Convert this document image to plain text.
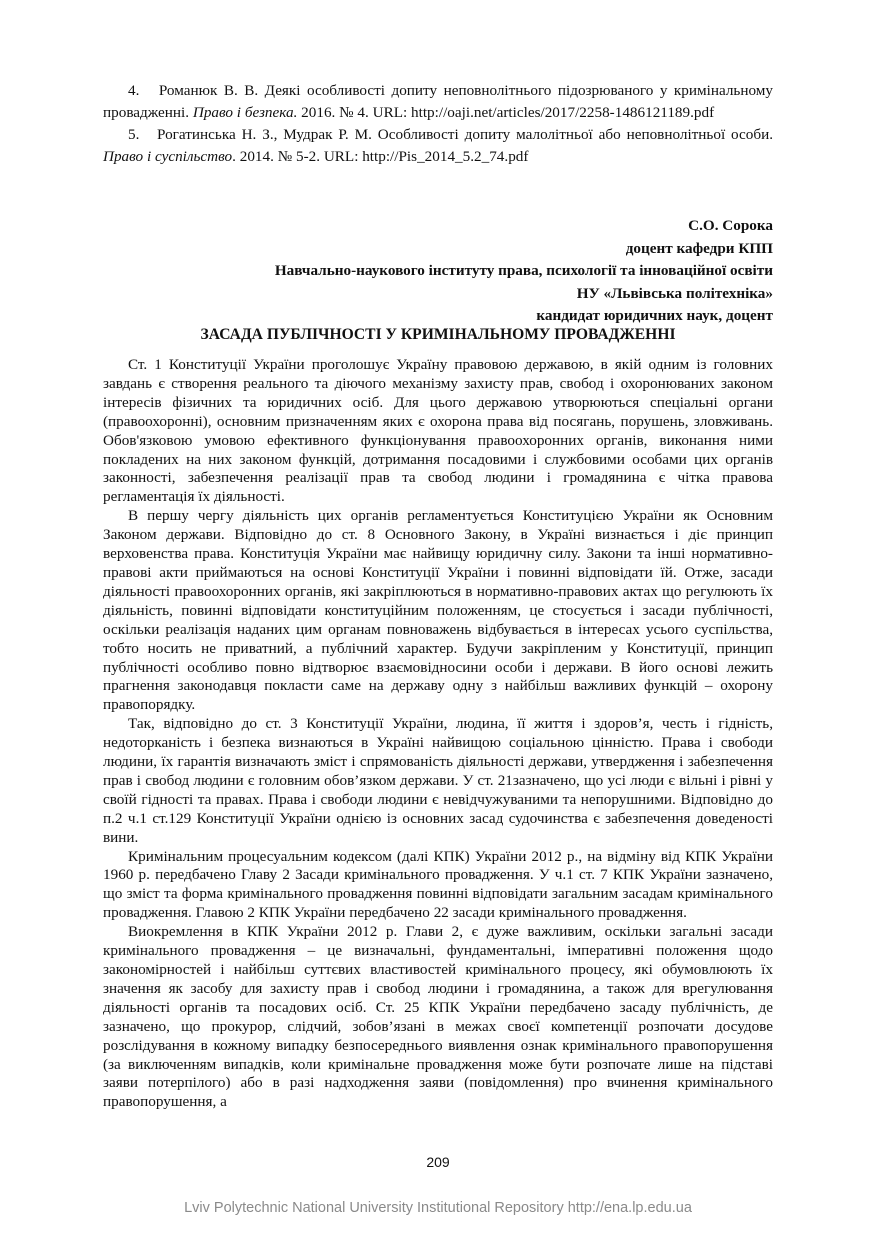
4. Романюк В. В. Деякі особливості допиту неповнолітнього підозрюваного у кримінальному провадженні. Право і безпека. 2016. № 4. URL: http://oaji.net/articles/2017/2258-1486121189.pdf

5. Рогатинська Н. З., Мудрак Р. М. Особливості допиту малолітньої або неповнолітньої особи. Право і суспільство. 2014. № 5-2. URL: http://Pis_2014_5.2_74.pdf

С.О. Сорока
доцент кафедри КПП
Навчально-наукового інституту права, психології та інноваційної освіти
НУ «Львівська політехніка»
кандидат юридичних наук, доцент
ЗАСАДА ПУБЛІЧНОСТІ У КРИМІНАЛЬНОМУ ПРОВАДЖЕННІ

Ст. 1 Конституції України проголошує Україну правовою державою, в якій одним із головних завдань є створення реального та діючого механізму захисту прав, свобод і охоронюваних законом інтересів фізичних та юридичних осіб. Для цього державою утворюються спеціальні органи (правоохоронні), основним призначенням яких є охорона права від посягань, порушень, зловживань. Обов'язковою умовою ефективного функціонування правоохоронних органів, виконання ними покладених на них законом функцій, дотримання посадовими і службовими особами цих органів законності, забезпечення реалізації прав та свобод людини і громадянина є чітка правова регламентація їх діяльності.

В першу чергу діяльність цих органів регламентується Конституцією України як Основним Законом держави. Відповідно до ст. 8 Основного Закону, в Україні визнається і діє принцип верховенства права. Конституція України має найвищу юридичну силу. Закони та інші нормативно-правові акти приймаються на основі Конституції України і повинні відповідати їй. Отже, засади діяльності правоохоронних органів, які закріплюються в нормативно-правових актах що регулюють їх діяльність, повинні відповідати конституційним положенням, це стосується і засади публічності, оскільки реалізація наданих цим органам повноважень відбувається в інтересах усього суспільства, тобто носить не приватний, а публічний характер. Будучи закріпленим у Конституції, принцип публічності особливо повно відтворює взаємовідносини особи і держави. В його основі лежить прагнення законодавця покласти саме на державу одну з найбільш важливих функцій – охорону правопорядку.

Так, відповідно до ст. 3 Конституції України, людина, її життя і здоров’я, честь і гідність, недоторканість і безпека визнаються в Україні найвищою соціальною цінністю. Права і свободи людини, їх гарантія визначають зміст і спрямованість діяльності держави, утвердження і забезпечення прав і свобод людини є головним обов’язком держави. У ст. 21зазначено, що усі люди є вільні і рівні у своїй гідності та правах. Права і свободи людини є невідчужуваними та непорушними. Відповідно до п.2 ч.1 ст.129 Конституції України однією із основних засад судочинства є забезпечення доведеності вини.

Кримінальним процесуальним кодексом (далі КПК) України 2012 р., на відміну від КПК України 1960 р. передбачено Главу 2 Засади кримінального провадження. У ч.1 ст. 7 КПК України зазначено, що зміст та форма кримінального провадження повинні відповідати загальним засадам кримінального провадження. Главою 2 КПК України передбачено 22 засади кримінального провадження.

Виокремлення в КПК України 2012 р. Глави 2, є дуже важливим, оскільки загальні засади кримінального провадження – це визначальні, фундаментальні, імперативні положення щодо закономірностей і найбільш суттєвих властивостей кримінального процесу, які обумовлюють їх значення як засобу для захисту прав і свобод людини і громадянина, а також для врегулювання діяльності органів та посадових осіб. Ст. 25 КПК України передбачено засаду публічність, де зазначено, що прокурор, слідчий, зобов’язані в межах своєї компетенції розпочати досудове розслідування в кожному випадку безпосереднього виявлення ознак кримінального правопорушення (за виключенням випадків, коли кримінальне провадження може бути розпочате лише на підставі заяви потерпілого) або в разі надходження заяви (повідомлення) про вчинення кримінального правопорушення, а

209
Lviv Polytechnic National University Institutional Repository http://ena.lp.edu.ua
